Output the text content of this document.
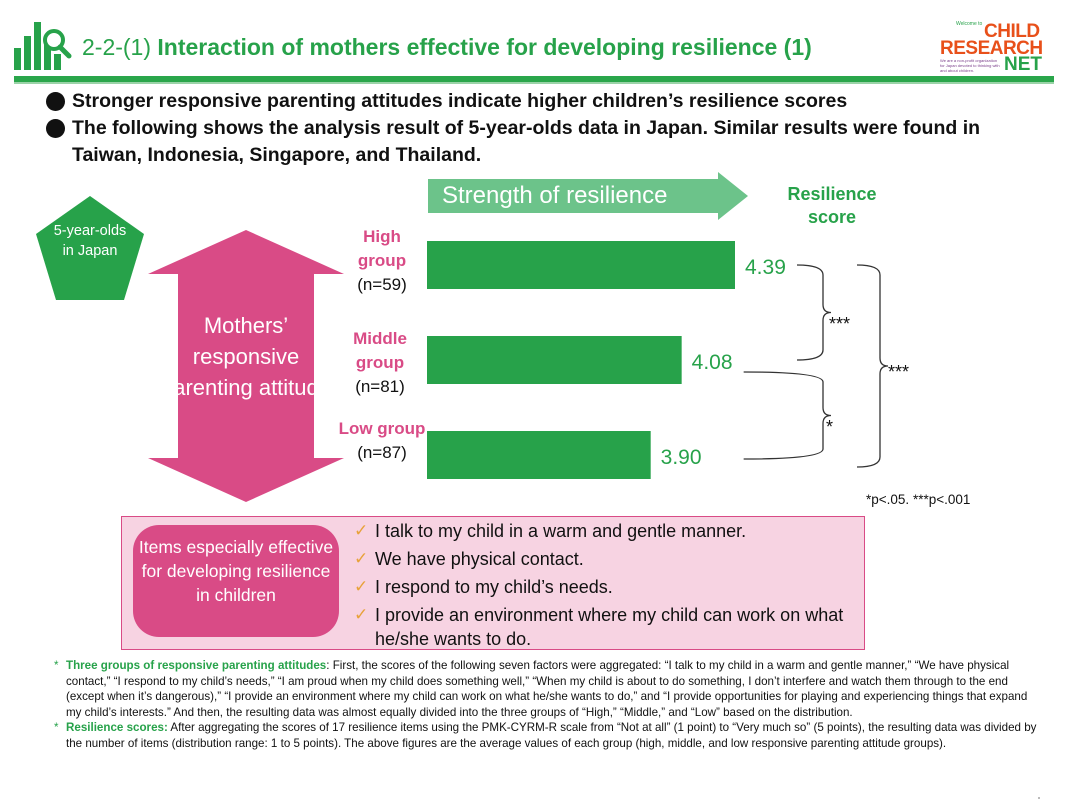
2-2-(1) Interaction of mothers effective for developing resilience (1)
CHILD
RESEARCH
NET
We are a non-profit organization for Japan devoted to thinking with and about children.
Welcome to
Stronger responsive parenting attitudes indicate higher children’s resilience scores
The following shows the analysis result of 5-year-olds data in Japan. Similar results were found in Taiwan, Indonesia, Singapore, and Thailand.
Strength of resilience	Resilience score
5-year-olds in Japan
Mothers’ responsive parenting attitude
High group
(n=59)
Middle group
(n=81)
Low group
(n=87)
4.39
4.08
3.90
***
*
***
*p<.05. ***p<.001
Items especially effective for developing resilience in children
✓ I talk to my child in a warm and gentle manner.
✓ We have physical contact.
✓ I respond to my child’s needs.
✓ I provide an environment where my child can work on what he/she wants to do.
* Three groups of responsive parenting attitudes: First, the scores of the following seven factors were aggregated: “I talk to my child in a warm and gentle manner,” “We have physical contact,” “I respond to my child’s needs,” “I am proud when my child does something well,” “When my child is about to do something, I don’t interfere and watch them through to the end (except when it’s dangerous),” “I provide an environment where my child can work on what he/she wants to do,” and “I provide opportunities for playing and experiencing things that expand my child’s interests.” And then, the resulting data was almost equally divided into the three groups of “High,” “Middle,” and “Low” based on the distribution.
* Resilience scores: After aggregating the scores of 17 resilience items using the PMK-CYRM-R scale from “Not at all” (1 point) to “Very much so” (5 points), the resulting data was divided by the number of items (distribution range: 1 to 5 points). The above figures are the average values of each group (high, middle, and low responsive parenting attitude groups).
